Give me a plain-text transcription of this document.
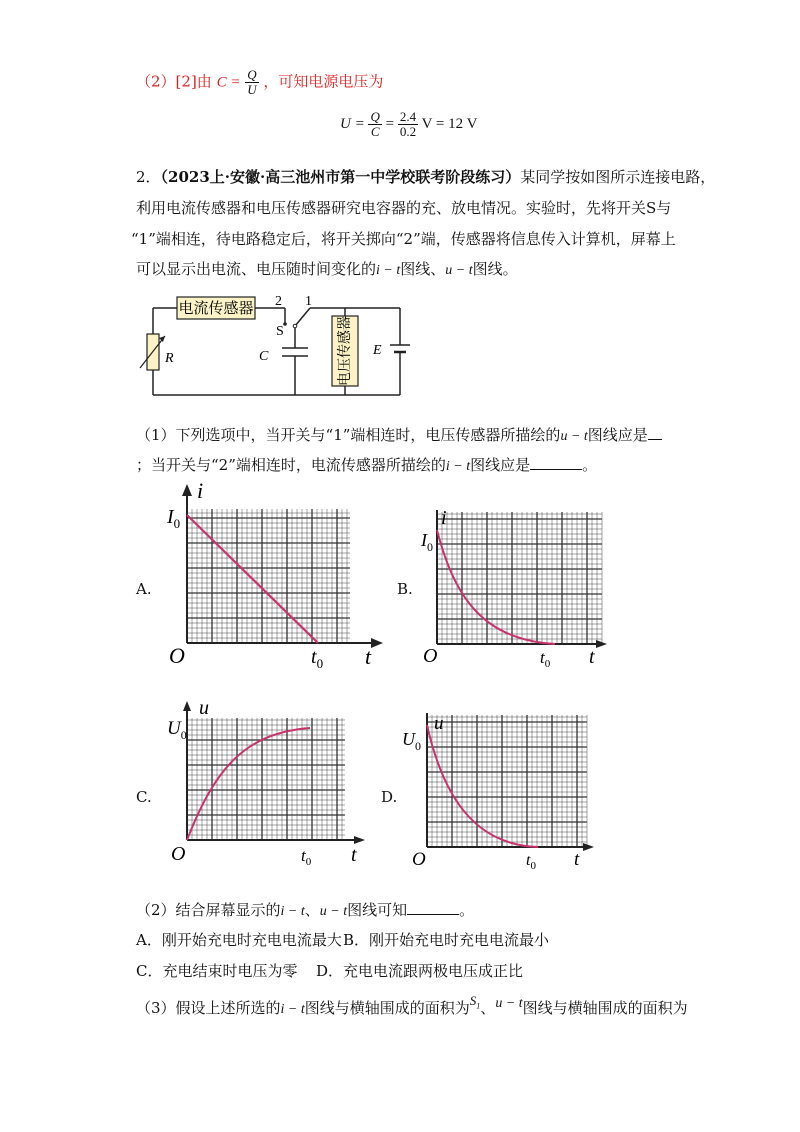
（2）[2]由 $C = \frac{Q}{U}$ ，可知电源电压为
$U = \frac{Q}{C} = \frac{2.4}{0.2}$ V = 12 V
2．（2023上·安徽·高三池州市第一中学校联考阶段练习）某同学按如图所示连接电路，
利用电流传感器和电压传感器研究电容器的充、放电情况。实验时，先将开关S与
“1”端相连，待电路稳定后，将开关掷向“2”端，传感器将信息传入计算机，屏幕上
可以显示出电流、电压随时间变化的i − t图线、u − t图线。
电流传感器
R
2 1
S
C	电压传感器 E
（1）下列选项中，当开关与“1”端相连时，电压传感器所描绘的u − t图线应是
；当开关与“2”端相连时，电流传感器所描绘的i − t图线应是	。
A.	B.
C.	D.
i
$I_0$
O	$t_0$ t
i
$I_0$
O	$t_0$ t
u
$U_0$
O	$t_0$ t
u
$U_0$
O	$t_0$ t
（2）结合屏幕显示的i − t、u − t图线可知	。
A．刚开始充电时充电电流最大 B．刚开始充电时充电电流最小
C．充电结束时电压为零 D．充电电流跟两极电压成正比
（3）假设上述所选的i − t图线与横轴围成的面积为$S_1$、u − t图线与横轴围成的面积为
